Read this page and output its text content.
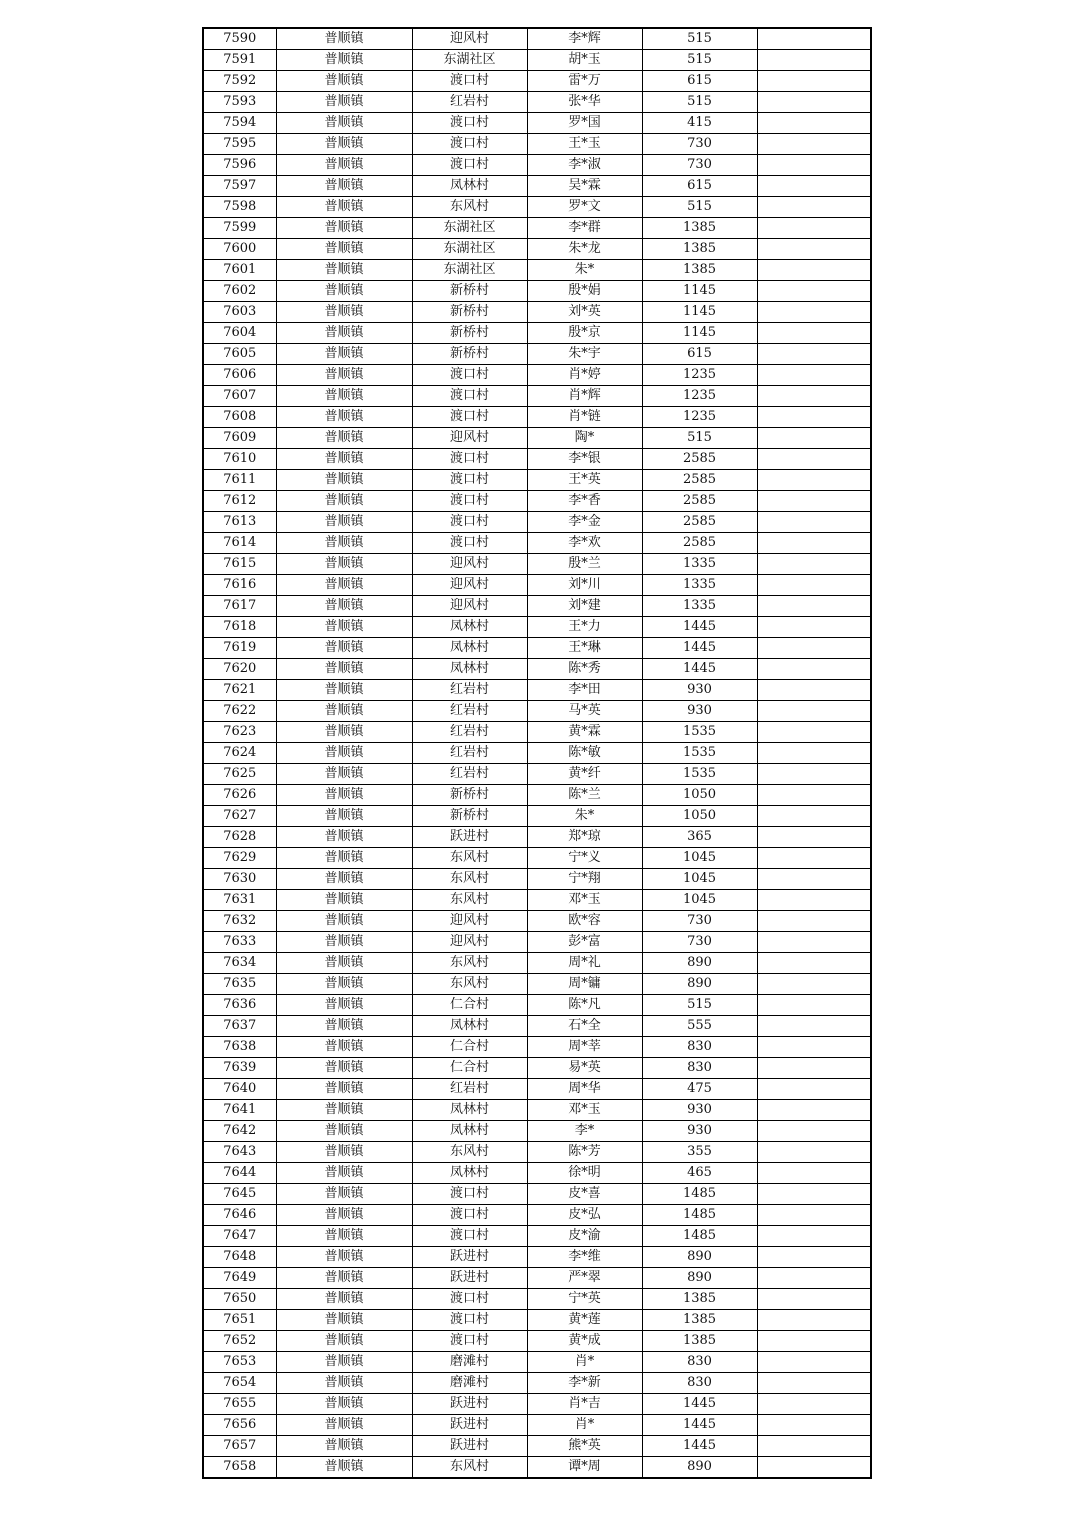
7590	普顺镇	迎风村	李*辉	515	
7591	普顺镇	东湖社区	胡*玉	515	
7592	普顺镇	渡口村	雷*万	615	
7593	普顺镇	红岩村	张*华	515	
7594	普顺镇	渡口村	罗*国	415	
7595	普顺镇	渡口村	王*玉	730	
7596	普顺镇	渡口村	李*淑	730	
7597	普顺镇	凤林村	吴*霖	615	
7598	普顺镇	东风村	罗*文	515	
7599	普顺镇	东湖社区	李*群	1385	
7600	普顺镇	东湖社区	朱*龙	1385	
7601	普顺镇	东湖社区	朱*	1385	
7602	普顺镇	新桥村	殷*娟	1145	
7603	普顺镇	新桥村	刘*英	1145	
7604	普顺镇	新桥村	殷*京	1145	
7605	普顺镇	新桥村	朱*宇	615	
7606	普顺镇	渡口村	肖*婷	1235	
7607	普顺镇	渡口村	肖*辉	1235	
7608	普顺镇	渡口村	肖*链	1235	
7609	普顺镇	迎风村	陶*	515	
7610	普顺镇	渡口村	李*银	2585	
7611	普顺镇	渡口村	王*英	2585	
7612	普顺镇	渡口村	李*香	2585	
7613	普顺镇	渡口村	李*金	2585	
7614	普顺镇	渡口村	李*欢	2585	
7615	普顺镇	迎风村	殷*兰	1335	
7616	普顺镇	迎风村	刘*川	1335	
7617	普顺镇	迎风村	刘*建	1335	
7618	普顺镇	凤林村	王*力	1445	
7619	普顺镇	凤林村	王*琳	1445	
7620	普顺镇	凤林村	陈*秀	1445	
7621	普顺镇	红岩村	李*田	930	
7622	普顺镇	红岩村	马*英	930	
7623	普顺镇	红岩村	黄*霖	1535	
7624	普顺镇	红岩村	陈*敏	1535	
7625	普顺镇	红岩村	黄*纤	1535	
7626	普顺镇	新桥村	陈*兰	1050	
7627	普顺镇	新桥村	朱*	1050	
7628	普顺镇	跃进村	郑*琼	365	
7629	普顺镇	东风村	宁*义	1045	
7630	普顺镇	东风村	宁*翔	1045	
7631	普顺镇	东风村	邓*玉	1045	
7632	普顺镇	迎风村	欧*容	730	
7633	普顺镇	迎风村	彭*富	730	
7634	普顺镇	东风村	周*礼	890	
7635	普顺镇	东风村	周*镛	890	
7636	普顺镇	仁合村	陈*凡	515	
7637	普顺镇	凤林村	石*全	555	
7638	普顺镇	仁合村	周*莘	830	
7639	普顺镇	仁合村	易*英	830	
7640	普顺镇	红岩村	周*华	475	
7641	普顺镇	凤林村	邓*玉	930	
7642	普顺镇	凤林村	李*	930	
7643	普顺镇	东风村	陈*芳	355	
7644	普顺镇	凤林村	徐*明	465	
7645	普顺镇	渡口村	皮*喜	1485	
7646	普顺镇	渡口村	皮*弘	1485	
7647	普顺镇	渡口村	皮*渝	1485	
7648	普顺镇	跃进村	李*维	890	
7649	普顺镇	跃进村	严*翠	890	
7650	普顺镇	渡口村	宁*英	1385	
7651	普顺镇	渡口村	黄*莲	1385	
7652	普顺镇	渡口村	黄*成	1385	
7653	普顺镇	磨滩村	肖*	830	
7654	普顺镇	磨滩村	李*新	830	
7655	普顺镇	跃进村	肖*吉	1445	
7656	普顺镇	跃进村	肖*	1445	
7657	普顺镇	跃进村	熊*英	1445	
7658	普顺镇	东风村	谭*周	890	
